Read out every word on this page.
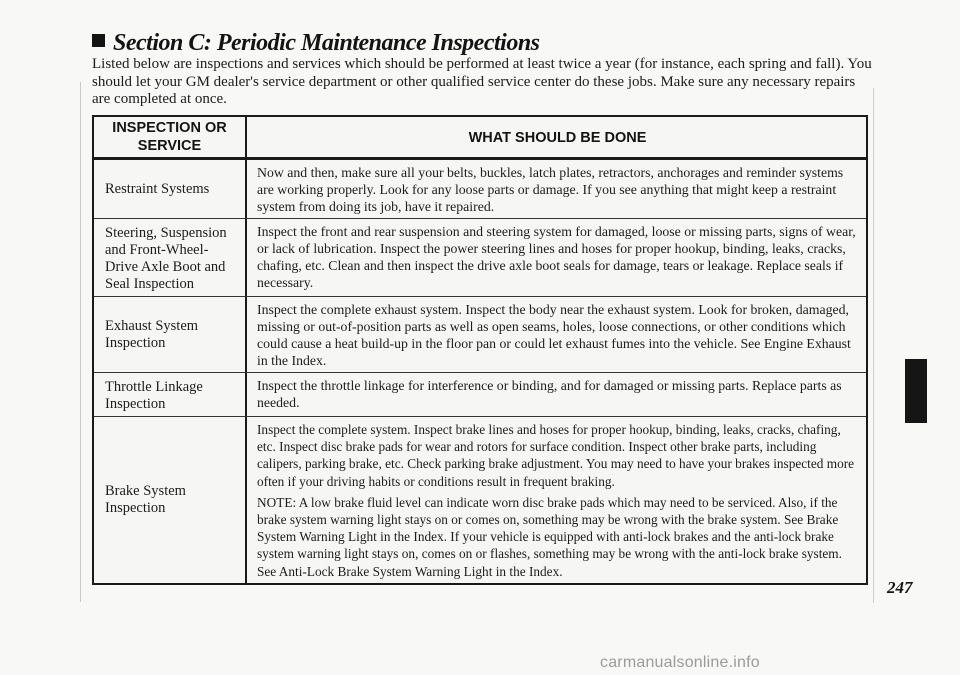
Section C: Periodic Maintenance Inspections

Listed below are inspections and services which should be performed at least twice a year (for instance, each spring and fall). You should let your GM dealer's service department or other qualified service center do these jobs. Make sure any necessary repairs are completed at once.

INSPECTION OR SERVICE
WHAT SHOULD BE DONE
Restraint Systems

Now and then, make sure all your belts, buckles, latch plates, retractors, anchorages and reminder systems are working properly. Look for any loose parts or damage. If you see anything that might keep a restraint system from doing its job, have it repaired.

Steering, Suspension and Front-Wheel-Drive Axle Boot and Seal Inspection

Inspect the front and rear suspension and steering system for damaged, loose or missing parts, signs of wear, or lack of lubrication. Inspect the power steering lines and hoses for proper hookup, binding, leaks, cracks, chafing, etc. Clean and then inspect the drive axle boot seals for damage, tears or leakage. Replace seals if necessary.

Exhaust System Inspection

Inspect the complete exhaust system. Inspect the body near the exhaust system. Look for broken, damaged, missing or out-of-position parts as well as open seams, holes, loose connections, or other conditions which could cause a heat build-up in the floor pan or could let exhaust fumes into the vehicle. See Engine Exhaust in the Index.

Throttle Linkage Inspection

Inspect the throttle linkage for interference or binding, and for damaged or missing parts. Replace parts as needed.

Brake System Inspection

Inspect the complete system. Inspect brake lines and hoses for proper hookup, binding, leaks, cracks, chafing, etc. Inspect disc brake pads for wear and rotors for surface condition. Inspect other brake parts, including calipers, parking brake, etc. Check parking brake adjustment. You may need to have your brakes inspected more often if your driving habits or conditions result in frequent braking.

NOTE: A low brake fluid level can indicate worn disc brake pads which may need to be serviced. Also, if the brake system warning light stays on or comes on, something may be wrong with the brake system. See Brake System Warning Light in the Index. If your vehicle is equipped with anti-lock brakes and the anti-lock brake system warning light stays on, comes on or flashes, something may be wrong with the anti-lock brake system. See Anti-Lock Brake System Warning Light in the Index.

247
carmanualsonline.info
